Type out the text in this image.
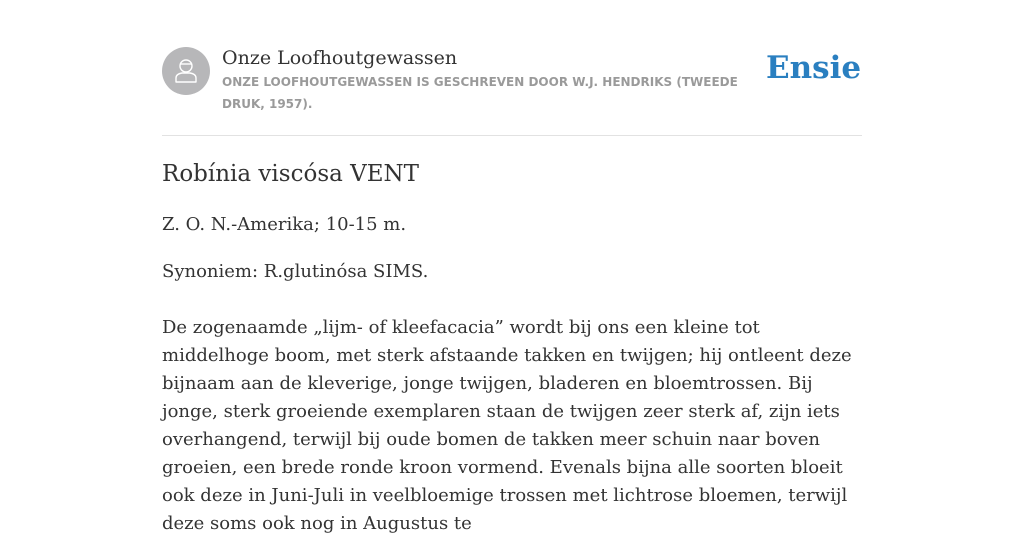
Onze Loofhoutgewassen
ONZE LOOFHOUTGEWASSEN IS GESCHREVEN DOOR W.J. HENDRIKS (TWEEDE DRUK, 1957).
Ensie
Robínia viscósa VENT

Z. O. N.-Amerika; 10-15 m.

Synoniem: R.glutinósa SIMS.

De zogenaamde „lijm- of kleefacacia” wordt bij ons een kleine tot middelhoge boom, met sterk afstaande takken en twijgen; hij ontleent deze bijnaam aan de kleverige, jonge twijgen, bladeren en bloemtrossen. Bij jonge, sterk groeiende exemplaren staan de twijgen zeer sterk af, zijn iets overhangend, terwijl bij oude bomen de takken meer schuin naar boven groeien, een brede ronde kroon vormend. Evenals bijna alle soorten bloeit ook deze in Juni-Juli in veelbloemige trossen met lichtrose bloemen, terwijl deze soms ook nog in Augustus te
